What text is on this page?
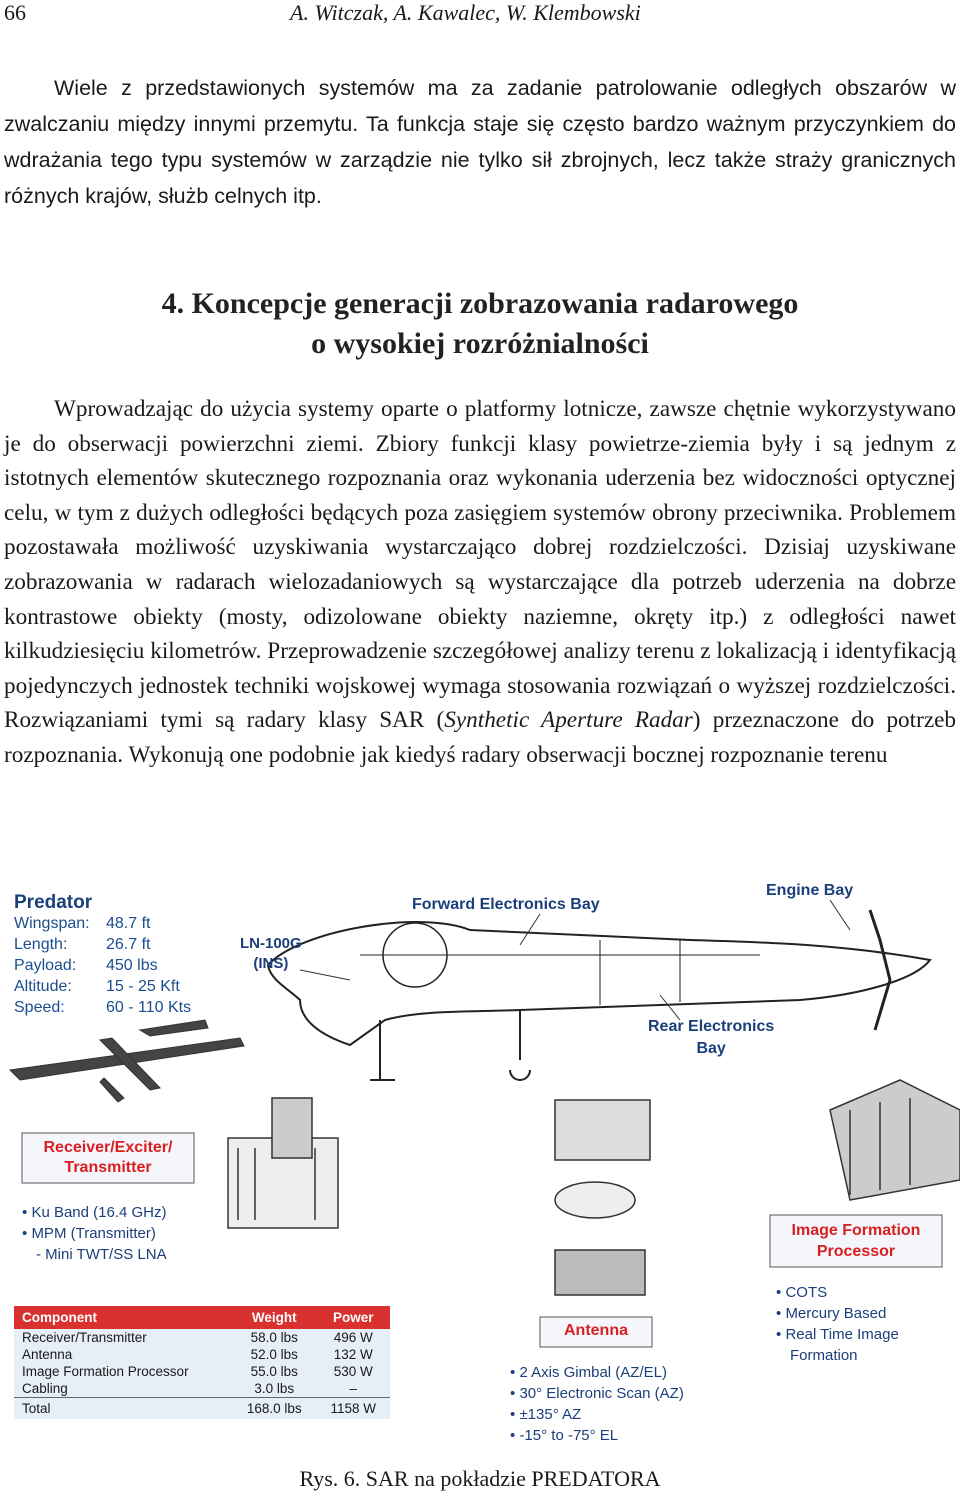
66	A. Witczak, A. Kawalec, W. Klembowski

Wiele z przedstawionych systemów ma za zadanie patrolowanie odległych obszarów w zwalczaniu między innymi przemytu. Ta funkcja staje się często bardzo ważnym przyczynkiem do wdrażania tego typu systemów w zarządzie nie tylko sił zbrojnych, lecz także straży granicznych różnych krajów, służb celnych itp.

4. Koncepcje generacji zobrazowania radarowego
o wysokiej rozróżnialności

Wprowadzając do użycia systemy oparte o platformy lotnicze, zawsze chętnie wykorzystywano je do obserwacji powierzchni ziemi. Zbiory funkcji klasy powietrze-ziemia były i są jednym z istotnych elementów skutecznego rozpoznania oraz wykonania uderzenia bez widoczności optycznej celu, w tym z dużych odległości będących poza zasięgiem systemów obrony przeciwnika. Problemem pozostawała możliwość uzyskiwania wystarczająco dobrej rozdzielczości. Dzisiaj uzyskiwane zobrazowania w radarach wielozadaniowych są wystarczające dla potrzeb uderzenia na dobrze kontrastowe obiekty (mosty, odizolowane obiekty naziemne, okręty itp.) z odległości nawet kilkudziesięciu kilometrów. Przeprowadzenie szczegółowej analizy terenu z lokalizacją i identyfikacją pojedynczych jednostek techniki wojskowej wymaga stosowania rozwiązań o wyższej rozdzielczości. Rozwiązaniami tymi są radary klasy SAR (Synthetic Aperture Radar) przeznaczone do potrzeb rozpoznania. Wykonują one podobnie jak kiedyś radary obserwacji bocznej rozpoznanie terenu

Predator
Wingspan:	48.7 ft
Length:	26.7 ft
Payload:	450 lbs
Altitude:	15 - 25 Kft
Speed:	60 - 110 Kts
LN-100G
(INS)
Forward Electronics Bay
Engine Bay
Rear Electronics
Bay
Receiver/Exciter/
Transmitter
• Ku Band (16.4 GHz)
• MPM (Transmitter)
- Mini TWT/SS LNA
Image Formation
Processor
• COTS
• Mercury Based
• Real Time Image
Formation
Antenna
• 2 Axis Gimbal (AZ/EL)
• 30° Electronic Scan (AZ)
• ±135° AZ
• -15° to -75° EL
Component	Weight	Power
Receiver/Transmitter	58.0 lbs	496 W
Antenna	52.0 lbs	132 W
Image Formation Processor	55.0 lbs	530 W
Cabling	3.0 lbs	–
Total	168.0 lbs	1158 W
Rys. 6. SAR na pokładzie PREDATORA
